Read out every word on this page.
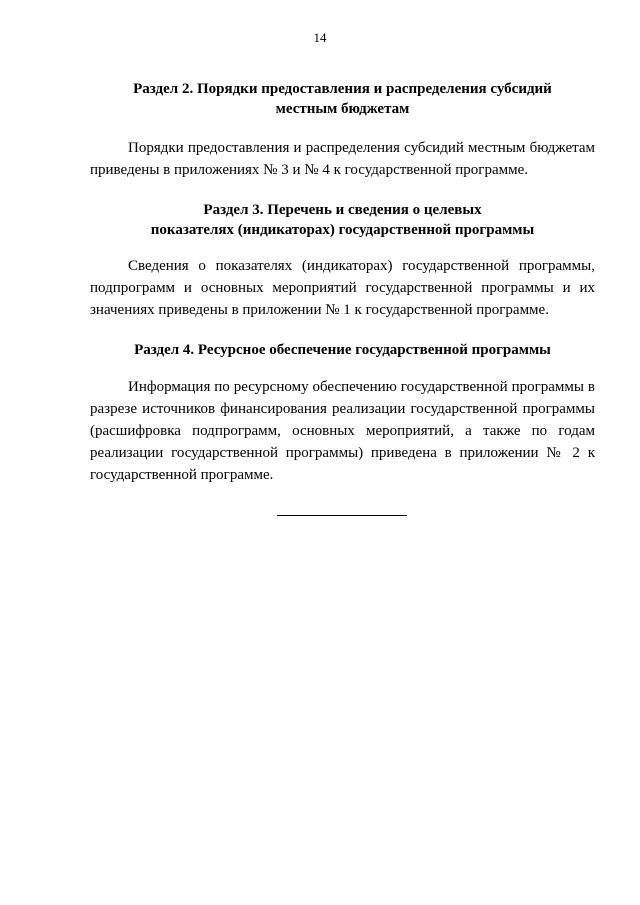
14

Раздел 2. Порядки предоставления и распределения субсидий
местным бюджетам

Порядки предоставления и распределения субсидий местным бюджетам приведены в приложениях № 3 и № 4 к государственной программе.

Раздел 3. Перечень и сведения о целевых
показателях (индикаторах) государственной программы

Сведения о показателях (индикаторах) государственной программы, подпрограмм и основных мероприятий государственной программы и их значениях приведены в приложении № 1 к государственной программе.

Раздел 4. Ресурсное обеспечение государственной программы

Информация по ресурсному обеспечению государственной программы в разрезе источников финансирования реализации государственной программы (расшифровка подпрограмм, основных мероприятий, а также по годам реализации государственной программы) приведена в приложении № 2 к государственной программе.
